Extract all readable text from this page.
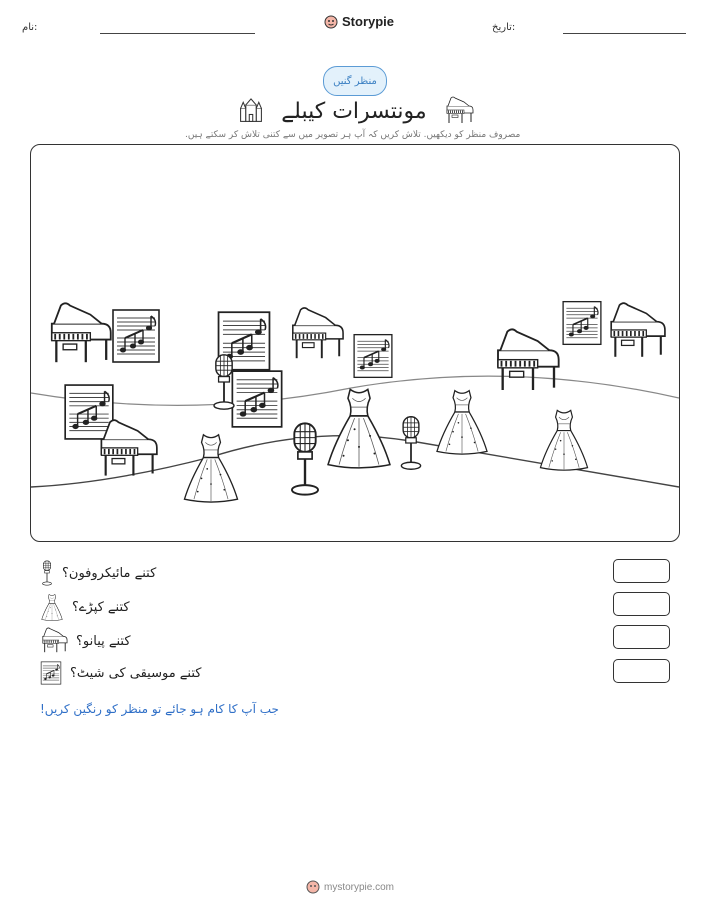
نام:	Storypie	تاریخ:
منظر گنیں
مونتسرات کیبلے
مصروف منظر کو دیکھیں. تلاش کریں کہ آپ ہر تصویر میں سے کتنی تلاش کر سکتے ہیں.
کتنے مائیکروفون؟
کتنے کپڑے؟
کتنے پیانو؟
کتنے موسیقی کی شیٹ؟
جب آپ کا کام ہو جائے تو منظر کو رنگین کریں!
mystorypie.com
